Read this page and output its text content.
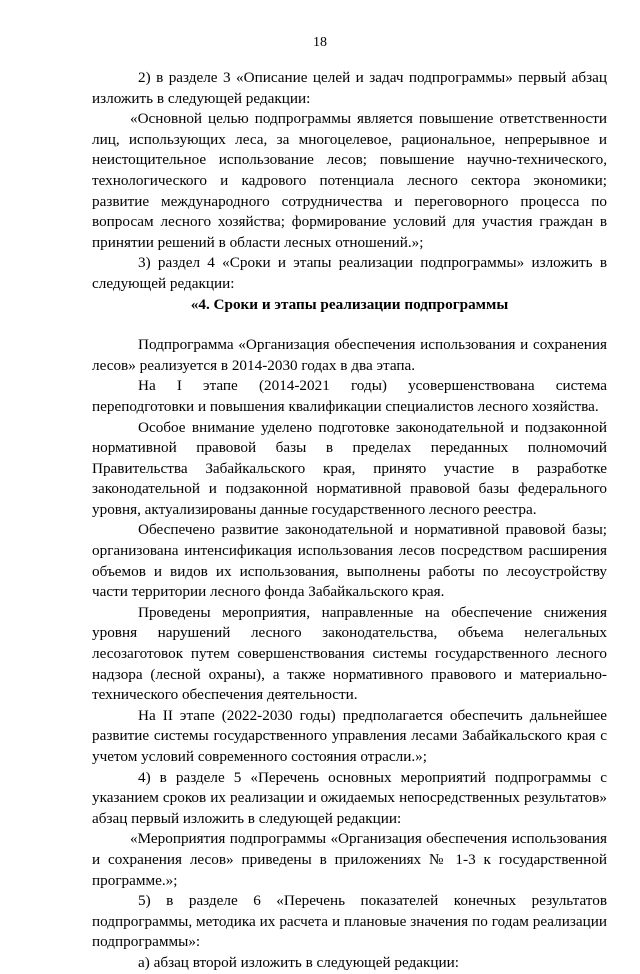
18

2) в разделе 3 «Описание целей и задач подпрограммы» первый абзац изложить в следующей редакции:

«Основной целью подпрограммы является повышение ответственности лиц, использующих леса, за многоцелевое, рациональное, непрерывное и неистощительное использование лесов; повышение научно-технического, технологического и кадрового потенциала лесного сектора экономики; развитие международного сотрудничества и переговорного процесса по вопросам лесного хозяйства; формирование условий для участия граждан в принятии решений в области лесных отношений.»;

3) раздел 4 «Сроки и этапы реализации подпрограммы» изложить в следующей редакции:

«4. Сроки и этапы реализации подпрограммы

Подпрограмма «Организация обеспечения использования и сохранения лесов» реализуется в 2014-2030 годах в два этапа.

На I этапе (2014-2021 годы) усовершенствована система переподготовки и повышения квалификации специалистов лесного хозяйства.

Особое внимание уделено подготовке законодательной и подзаконной нормативной правовой базы в пределах переданных полномочий Правительства Забайкальского края, принято участие в разработке законодательной и подзаконной нормативной правовой базы федерального уровня, актуализированы данные государственного лесного реестра.

Обеспечено развитие законодательной и нормативной правовой базы; организована интенсификация использования лесов посредством расширения объемов и видов их использования, выполнены работы по лесоустройству части территории лесного фонда Забайкальского края.

Проведены мероприятия, направленные на обеспечение снижения уровня нарушений лесного законодательства, объема нелегальных лесозаготовок путем совершенствования системы государственного лесного надзора (лесной охраны), а также нормативного правового и материально-технического обеспечения деятельности.

На II этапе (2022-2030 годы) предполагается обеспечить дальнейшее развитие системы государственного управления лесами Забайкальского края с учетом условий современного состояния отрасли.»;

4) в разделе 5 «Перечень основных мероприятий подпрограммы с указанием сроков их реализации и ожидаемых непосредственных результатов» абзац первый изложить в следующей редакции:

«Мероприятия подпрограммы «Организация обеспечения использования и сохранения лесов» приведены в приложениях № 1-3 к государственной программе.»;

5) в разделе 6 «Перечень показателей конечных результатов подпрограммы, методика их расчета и плановые значения по годам реализации подпрограммы»:

а) абзац второй изложить в следующей редакции:
